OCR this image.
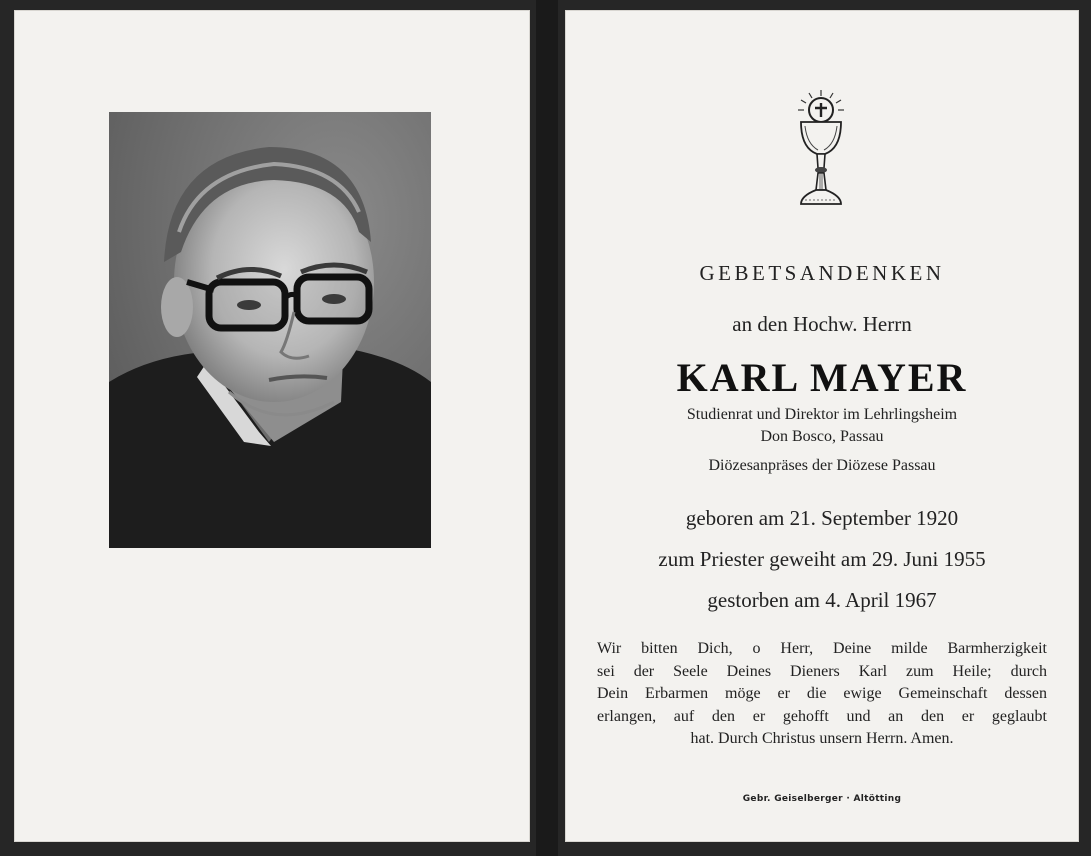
GEBETSANDENKEN
an den Hochw. Herrn
KARL MAYER
Studienrat und Direktor im Lehrlingsheim
Don Bosco, Passau
Diözesanpräses der Diözese Passau
geboren am 21. September 1920
zum Priester geweiht am 29. Juni 1955
gestorben am 4. April 1967
Wir bitten Dich, o Herr, Deine milde Barmherzigkeit
sei der Seele Deines Dieners Karl zum Heile; durch
Dein Erbarmen möge er die ewige Gemeinschaft dessen
erlangen, auf den er gehofft und an den er geglaubt
hat. Durch Christus unsern Herrn. Amen.
Gebr. Geiselberger · Altötting
